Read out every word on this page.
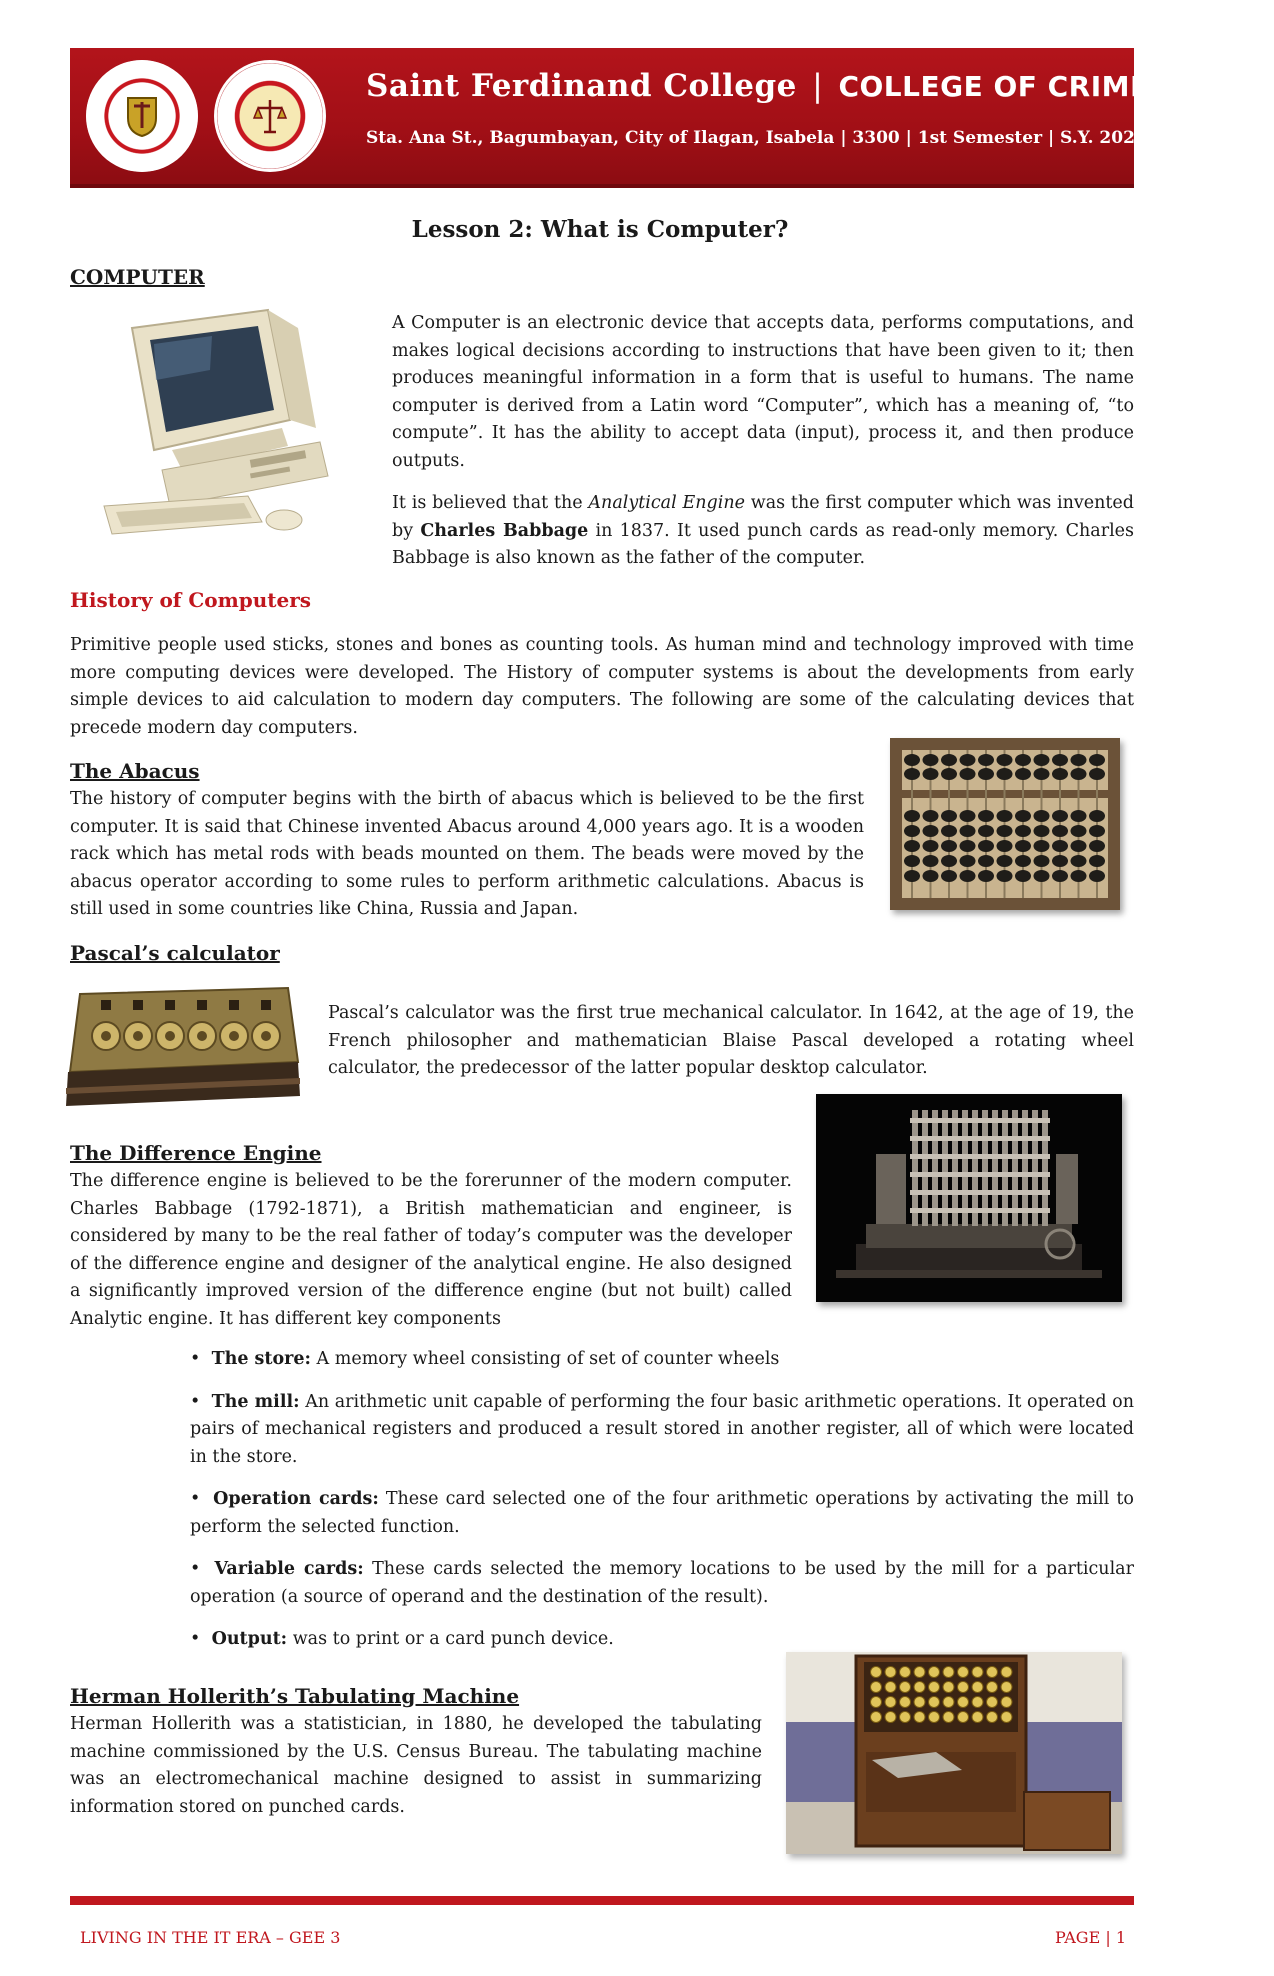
Saint Ferdinand College | COLLEGE OF CRIMINOLOGY
Sta. Ana St., Bagumbayan, City of Ilagan, Isabela | 3300 | 1st Semester | S.Y. 2022 - 2023
Lesson 2: What is Computer?
COMPUTER

A Computer is an electronic device that accepts data, performs computations, and makes logical decisions according to instructions that have been given to it; then produces meaningful information in a form that is useful to humans. The name computer is derived from a Latin word “Computer”, which has a meaning of, “to compute”. It has the ability to accept data (input), process it, and then produce outputs.

It is believed that the Analytical Engine was the first computer which was invented by Charles Babbage in 1837. It used punch cards as read-only memory. Charles Babbage is also known as the father of the computer.

History of Computers

Primitive people used sticks, stones and bones as counting tools. As human mind and technology improved with time more computing devices were developed. The History of computer systems is about the developments from early simple devices to aid calculation to modern day computers. The following are some of the calculating devices that precede modern day computers.

The Abacus

The history of computer begins with the birth of abacus which is believed to be the first computer. It is said that Chinese invented Abacus around 4,000 years ago. It is a wooden rack which has metal rods with beads mounted on them. The beads were moved by the abacus operator according to some rules to perform arithmetic calculations. Abacus is still used in some countries like China, Russia and Japan.

Pascal’s calculator

Pascal’s calculator was the first true mechanical calculator. In 1642, at the age of 19, the French philosopher and mathematician Blaise Pascal developed a rotating wheel calculator, the predecessor of the latter popular desktop calculator.

The Difference Engine

The difference engine is believed to be the forerunner of the modern computer. Charles Babbage (1792-1871), a British mathematician and engineer, is considered by many to be the real father of today’s computer was the developer of the difference engine and designer of the analytical engine. He also designed a significantly improved version of the difference engine (but not built) called Analytic engine. It has different key components

• The store: A memory wheel consisting of set of counter wheels
• The mill: An arithmetic unit capable of performing the four basic arithmetic operations. It operated on pairs of mechanical registers and produced a result stored in another register, all of which were located in the store.
• Operation cards: These card selected one of the four arithmetic operations by activating the mill to perform the selected function.
• Variable cards: These cards selected the memory locations to be used by the mill for a particular operation (a source of operand and the destination of the result).
• Output: was to print or a card punch device.
Herman Hollerith’s Tabulating Machine

Herman Hollerith was a statistician, in 1880, he developed the tabulating machine commissioned by the U.S. Census Bureau. The tabulating machine was an electromechanical machine designed to assist in summarizing information stored on punched cards.

LIVING IN THE IT ERA – GEE 3	PAGE | 1
